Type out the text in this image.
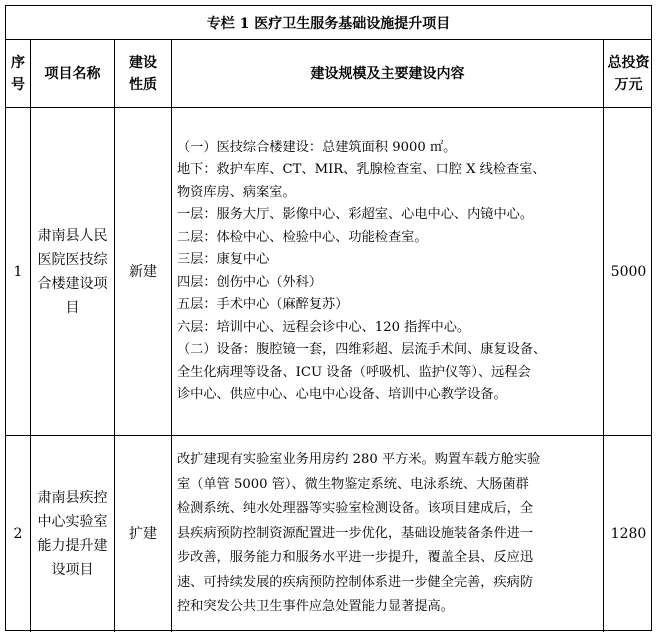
专栏 1 医疗卫生服务基础设施提升项目
序号
项目名称
建设性质
建设规模及主要建设内容
总投资万元
1
肃南县人民医院医技综合楼建设项目
新建
（一）医技综合楼建设：总建筑面积 9000 ㎡。
地下：救护车库、CT、MIR、乳腺检查室、口腔 X 线检查室、
物资库房、病案室。
一层：服务大厅、影像中心、彩超室、心电中心、内镜中心。
二层：体检中心、检验中心、功能检查室。
三层：康复中心
四层：创伤中心（外科）
五层：手术中心（麻醉复苏）
六层：培训中心、远程会诊中心、120 指挥中心。
（二）设备：腹腔镜一套，四维彩超、层流手术间、康复设备、
全生化病理等设备、ICU 设备（呼吸机、监护仪等）、远程会
诊中心、供应中心、心电中心设备、培训中心教学设备。
5000
2
肃南县疾控中心实验室能力提升建设项目
扩建
改扩建现有实验室业务用房约 280 平方米。购置车载方舱实验
室（单管 5000 管）、微生物鉴定系统、电泳系统、大肠菌群
检测系统、纯水处理器等实验室检测设备。该项目建成后，全
县疾病预防控制资源配置进一步优化，基础设施装备条件进一
步改善，服务能力和服务水平进一步提升，覆盖全县、反应迅
速、可持续发展的疾病预防控制体系进一步健全完善，疾病防
控和突发公共卫生事件应急处置能力显著提高。
1280
